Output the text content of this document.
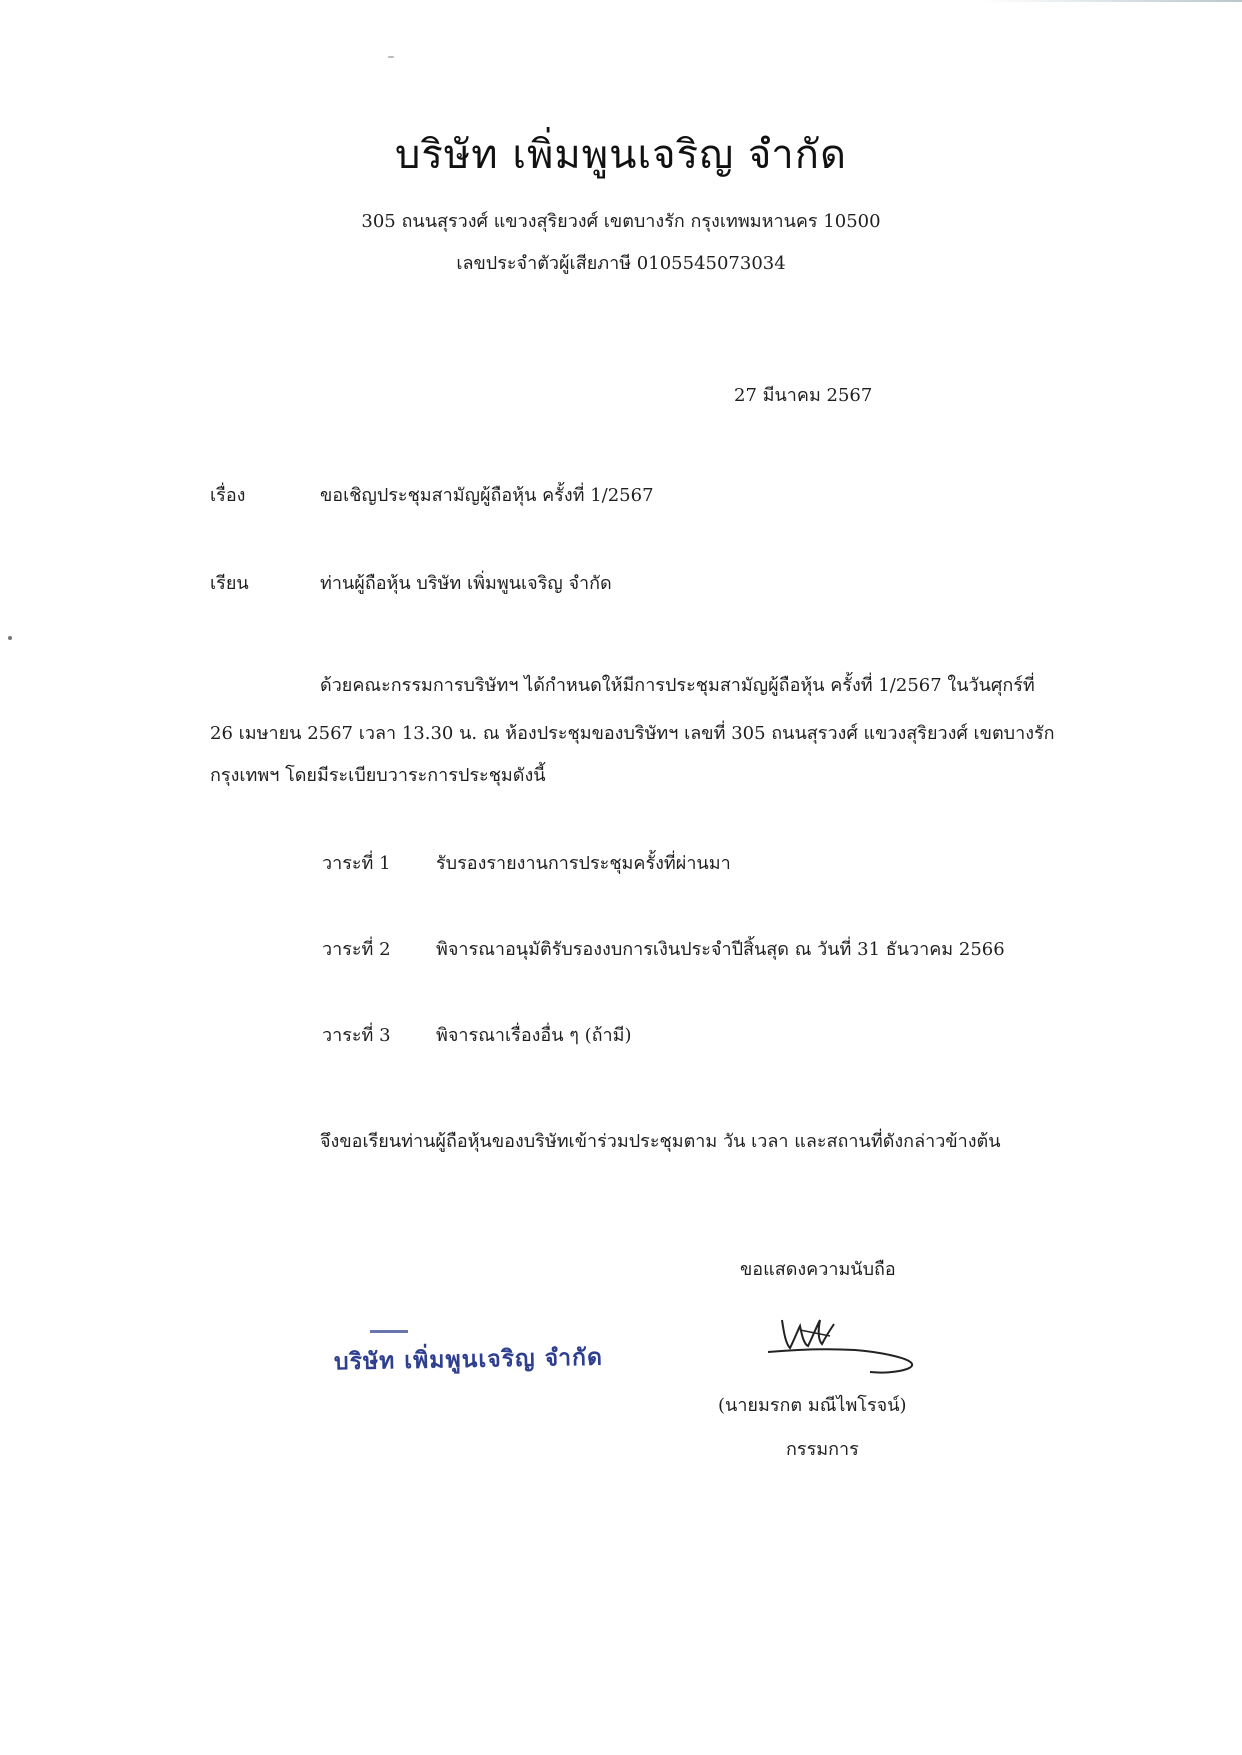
บริษัท เพิ่มพูนเจริญ จำกัด
305 ถนนสุรวงศ์ แขวงสุริยวงศ์ เขตบางรัก กรุงเทพมหานคร 10500
เลขประจำตัวผู้เสียภาษี 0105545073034
27 มีนาคม 2567
เรื่อง	ขอเชิญประชุมสามัญผู้ถือหุ้น ครั้งที่ 1/2567
เรียน	ท่านผู้ถือหุ้น บริษัท เพิ่มพูนเจริญ จำกัด
ด้วยคณะกรรมการบริษัทฯ ได้กำหนดให้มีการประชุมสามัญผู้ถือหุ้น ครั้งที่ 1/2567 ในวันศุกร์ที่
26 เมษายน 2567 เวลา 13.30 น. ณ ห้องประชุมของบริษัทฯ เลขที่ 305 ถนนสุรวงศ์ แขวงสุริยวงศ์ เขตบางรัก
กรุงเทพฯ โดยมีระเบียบวาระการประชุมดังนี้
วาระที่ 1	รับรองรายงานการประชุมครั้งที่ผ่านมา
วาระที่ 2	พิจารณาอนุมัติรับรองงบการเงินประจำปีสิ้นสุด ณ วันที่ 31 ธันวาคม 2566
วาระที่ 3	พิจารณาเรื่องอื่น ๆ (ถ้ามี)
จึงขอเรียนท่านผู้ถือหุ้นของบริษัทเข้าร่วมประชุมตาม วัน เวลา และสถานที่ดังกล่าวข้างต้น
ขอแสดงความนับถือ
บริษัท เพิ่มพูนเจริญ จำกัด
(นายมรกต มณีไพโรจน์)
กรรมการ
